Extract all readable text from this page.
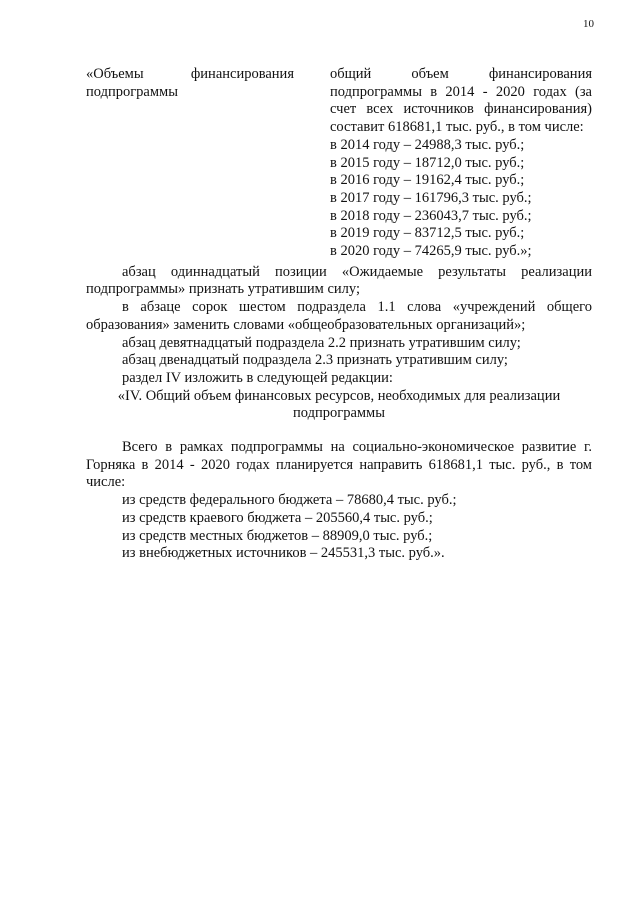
10
«Объемы финансирования
подпрограммы

общий объем финансирования подпрограммы в 2014 - 2020 годах (за счет всех источников финансирования) составит 618681,1 тыс. руб., в том числе:

в 2014 году – 24988,3 тыс. руб.;

в 2015 году – 18712,0 тыс. руб.;

в 2016 году – 19162,4 тыс. руб.;

в 2017 году – 161796,3 тыс. руб.;

в 2018 году – 236043,7 тыс. руб.;

в 2019 году – 83712,5 тыс. руб.;

в 2020 году – 74265,9 тыс. руб.»;

абзац одиннадцатый позиции «Ожидаемые результаты реализации подпрограммы» признать утратившим силу;

в абзаце сорок шестом подраздела 1.1 слова «учреждений общего образования» заменить словами «общеобразовательных организаций»;

абзац девятнадцатый подраздела 2.2 признать утратившим силу;

абзац двенадцатый подраздела 2.3 признать утратившим силу;

раздел IV изложить в следующей редакции:

«IV. Общий объем финансовых ресурсов, необходимых для реализации

подпрограммы

Всего в рамках подпрограммы на социально-экономическое развитие г. Горняка в 2014 - 2020 годах планируется направить 618681,1 тыс. руб., в том числе:

из средств федерального бюджета – 78680,4 тыс. руб.;

из средств краевого бюджета – 205560,4 тыс. руб.;

из средств местных бюджетов – 88909,0 тыс. руб.;

из внебюджетных источников – 245531,3 тыс. руб.».
